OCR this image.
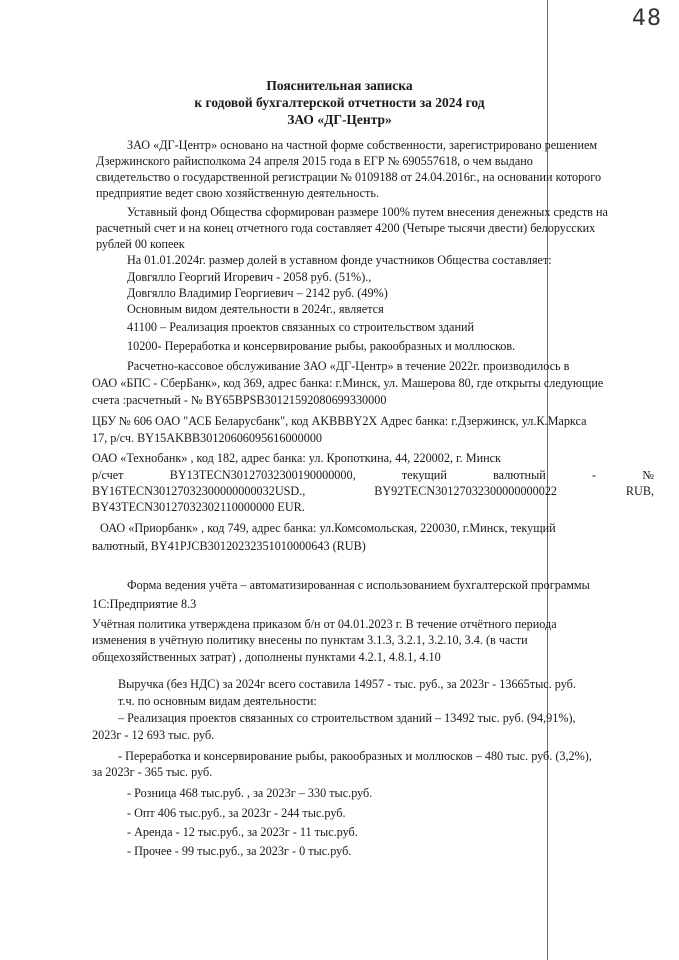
48
Пояснительная записка
к годовой бухгалтерской отчетности за 2024 год
ЗАО «ДГ-Центр»
ЗАО «ДГ-Центр» основано на частной форме собственности, зарегистрировано решением
Дзержинского райисполкома 24 апреля 2015 года в ЕГР № 690557618, о чем выдано
свидетельство о государственной регистрации № 0109188 от 24.04.2016г., на основании которого
предприятие ведет свою хозяйственную деятельность.
Уставный фонд Общества сформирован размере 100% путем внесения денежных средств на
расчетный счет и на конец отчетного года составляет 4200 (Четыре тысячи двести) белорусских
рублей 00 копеек
На 01.01.2024г. размер долей в уставном фонде участников Общества составляет:
Довгялло Георгий Игоревич - 2058 руб. (51%).,
Довгялло Владимир Георгиевич – 2142 руб. (49%)
Основным видом деятельности в 2024г., является
41100 – Реализация проектов связанных со строительством зданий
10200- Переработка и консервирование рыбы, ракообразных и моллюсков.
Расчетно-кассовое обслуживание ЗАО «ДГ-Центр» в течение 2022г. производилось в
ОАО «БПС - СберБанк», код 369, адрес банка: г.Минск, ул. Машерова 80, где открыты следующие
счета :расчетный - № BY65BPSB30121592080699330000
ЦБУ № 606 ОАО "АСБ Беларусбанк", код AKBBBY2X Адрес банка: г.Дзержинск, ул.К.Маркса
17, р/сч. BY15AKBB30120606095616000000
ОАО «Технобанк» , код 182, адрес банка: ул. Кропоткина, 44, 220002, г. Минск
р/счет	BY13TECN30127032300190000000,	текущий	валютный	-	№
BY16TECN30127032300000000032USD.,	BY92TECN30127032300000000022	RUB,
BY43TECN30127032302110000000 EUR.
ОАО «Приорбанк» , код 749, адрес банка: ул.Комсомольская, 220030, г.Минск, текущий
валютный, BY41PJCB30120232351010000643 (RUB)
Форма ведения учёта – автоматизированная с использованием бухгалтерской программы
1С:Предприятие 8.3
Учётная политика утверждена приказом б/н от 04.01.2023 г. В течение отчётного периода
изменения в учётную политику внесены по пунктам 3.1.3, 3.2.1, 3.2.10, 3.4. (в части
общехозяйственных затрат) , дополнены пунктами 4.2.1, 4.8.1, 4.10
Выручка (без НДС) за 2024г всего составила 14957 - тыс. руб., за 2023г - 13665тыс. руб.
т.ч. по основным видам деятельности:
– Реализация проектов связанных со строительством зданий – 13492 тыс. руб. (94,91%),
2023г - 12 693 тыс. руб.
- Переработка и консервирование рыбы, ракообразных и моллюсков – 480 тыс. руб. (3,2%),
за 2023г - 365 тыс. руб.
- Розница 468 тыс.руб. , за 2023г – 330 тыс.руб.
- Опт 406 тыс.руб., за 2023г - 244 тыс.руб.
- Аренда - 12 тыс.руб., за 2023г - 11 тыс.руб.
- Прочее - 99 тыс.руб., за 2023г - 0 тыс.руб.
